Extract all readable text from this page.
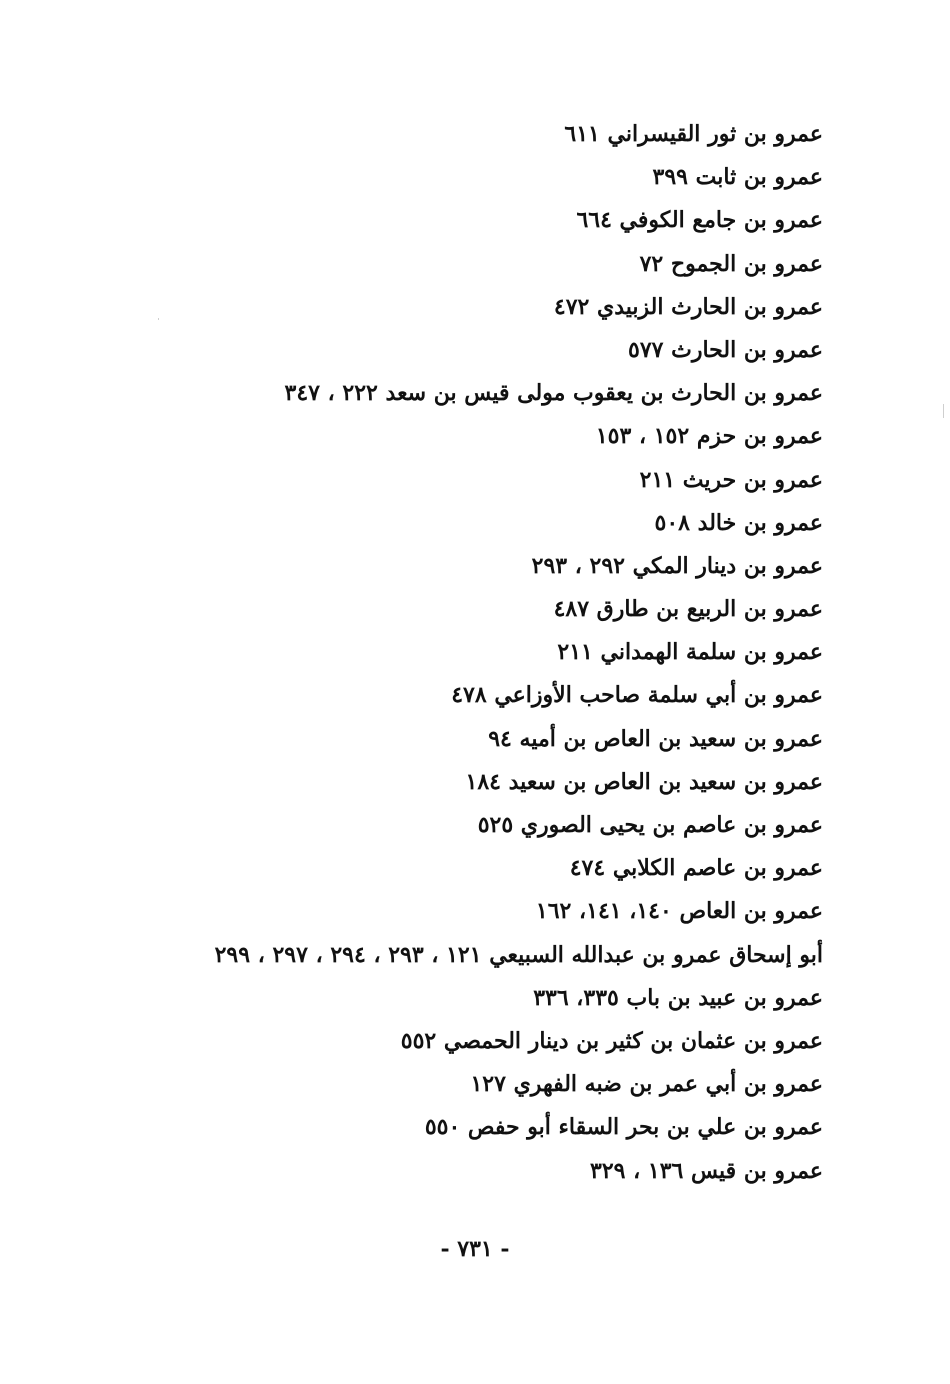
عمرو بن ثور القيسراني ٦١١
عمرو بن ثابت ٣٩٩
عمرو بن جامع الكوفي ٦٦٤
عمرو بن الجموح ٧٢
عمرو بن الحارث الزبيدي ٤٧٢
عمرو بن الحارث ٥٧٧
عمرو بن الحارث بن يعقوب مولى قيس بن سعد ٢٢٢ ، ٣٤٧
عمرو بن حزم ١٥٢ ، ١٥٣
عمرو بن حريث ٢١١
عمرو بن خالد ٥٠٨
عمرو بن دينار المكي ٢٩٢ ، ٢٩٣
عمرو بن الربيع بن طارق ٤٨٧
عمرو بن سلمة الهمداني ٢١١
عمرو بن أبي سلمة صاحب الأوزاعي ٤٧٨
عمرو بن سعيد بن العاص بن أميه ٩٤
عمرو بن سعيد بن العاص بن سعيد ١٨٤
عمرو بن عاصم بن يحيى الصوري ٥٢٥
عمرو بن عاصم الكلابي ٤٧٤
عمرو بن العاص ١٤٠، ١٤١، ١٦٢
أبو إسحاق عمرو بن عبدالله السبيعي ١٢١ ، ٢٩٣ ، ٢٩٤ ، ٢٩٧ ، ٢٩٩
عمرو بن عبيد بن باب ٣٣٥، ٣٣٦
عمرو بن عثمان بن كثير بن دينار الحمصي ٥٥٢
عمرو بن أبي عمر بن ضبه الفهري ١٢٧
عمرو بن علي بن بحر السقاء أبو حفص ٥٥٠
عمرو بن قيس ١٣٦ ، ٣٢٩
- ٧٣١ -
